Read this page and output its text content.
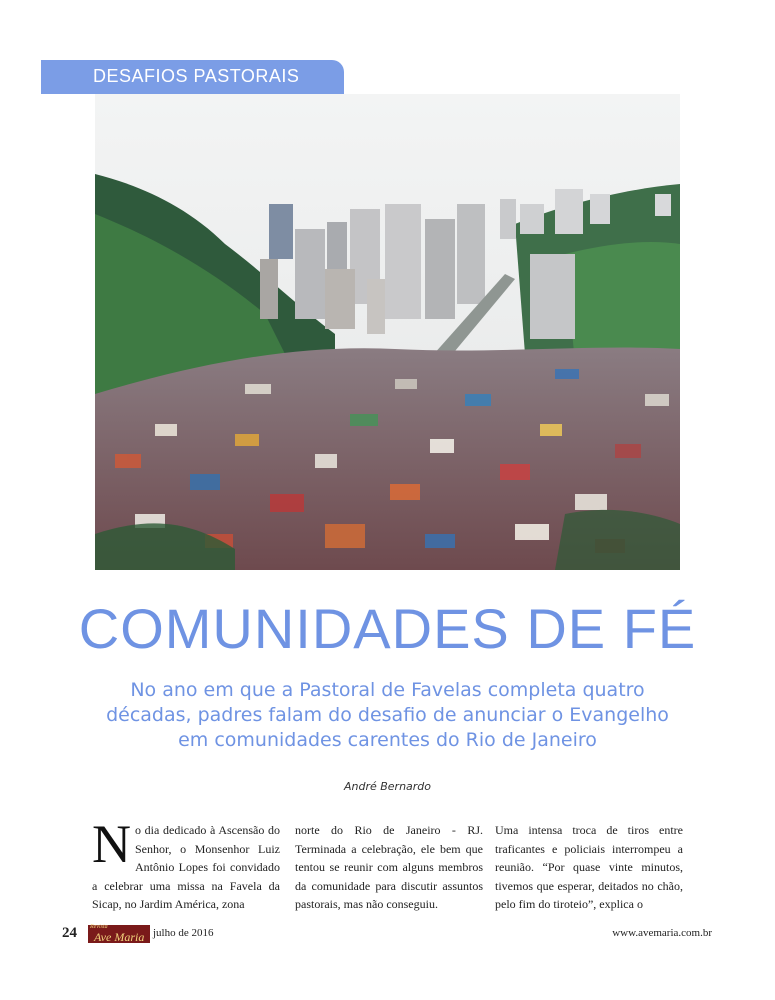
DESAFIOS PASTORAIS
COMUNIDADES DE FÉ

No ano em que a Pastoral de Favelas completa quatro décadas, padres falam do desafio de anunciar o Evangelho em comunidades carentes do Rio de Janeiro

André Bernardo
No dia dedicado à Ascensão do Senhor, o Monsenhor Luiz Antônio Lopes foi convidado a celebrar uma missa na Favela da Sicap, no Jardim América, zona
norte do Rio de Janeiro - RJ. Terminada a celebração, ele bem que tentou se reunir com alguns membros da comunidade para discutir assuntos pastorais, mas não conseguiu.
Uma intensa troca de tiros entre traficantes e policiais interrompeu a reunião. “Por quase vinte minutos, tivemos que esperar, deitados no chão, pelo fim do tiroteio”, explica o
24 Revista
Ave Maria julho de 2016	www.avemaria.com.br
